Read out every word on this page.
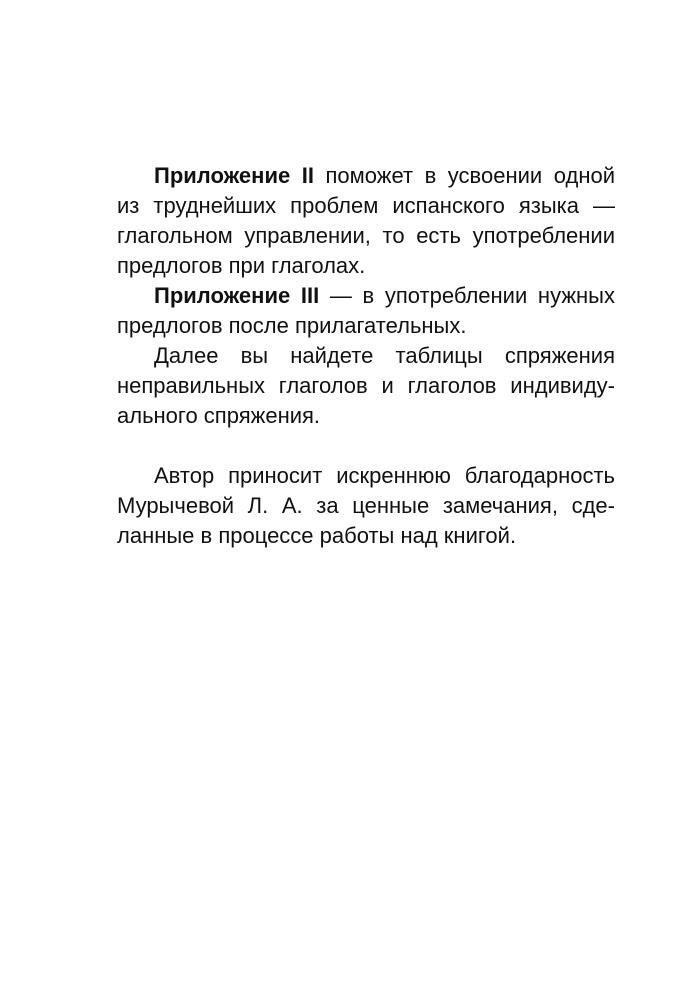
Приложение II поможет в усвоении одной из труднейших проблем испанского языка — глагольном управлении, то есть употреблении предлогов при глаголах.

Приложение III — в употреблении нужных предлогов после прилагательных.

Далее вы найдете таблицы спряжения неправильных глаголов и глаголов индивидуального спряжения.

Автор приносит искреннюю благодарность Мурычевой Л. А. за ценные замечания, сделанные в процессе работы над книгой.
